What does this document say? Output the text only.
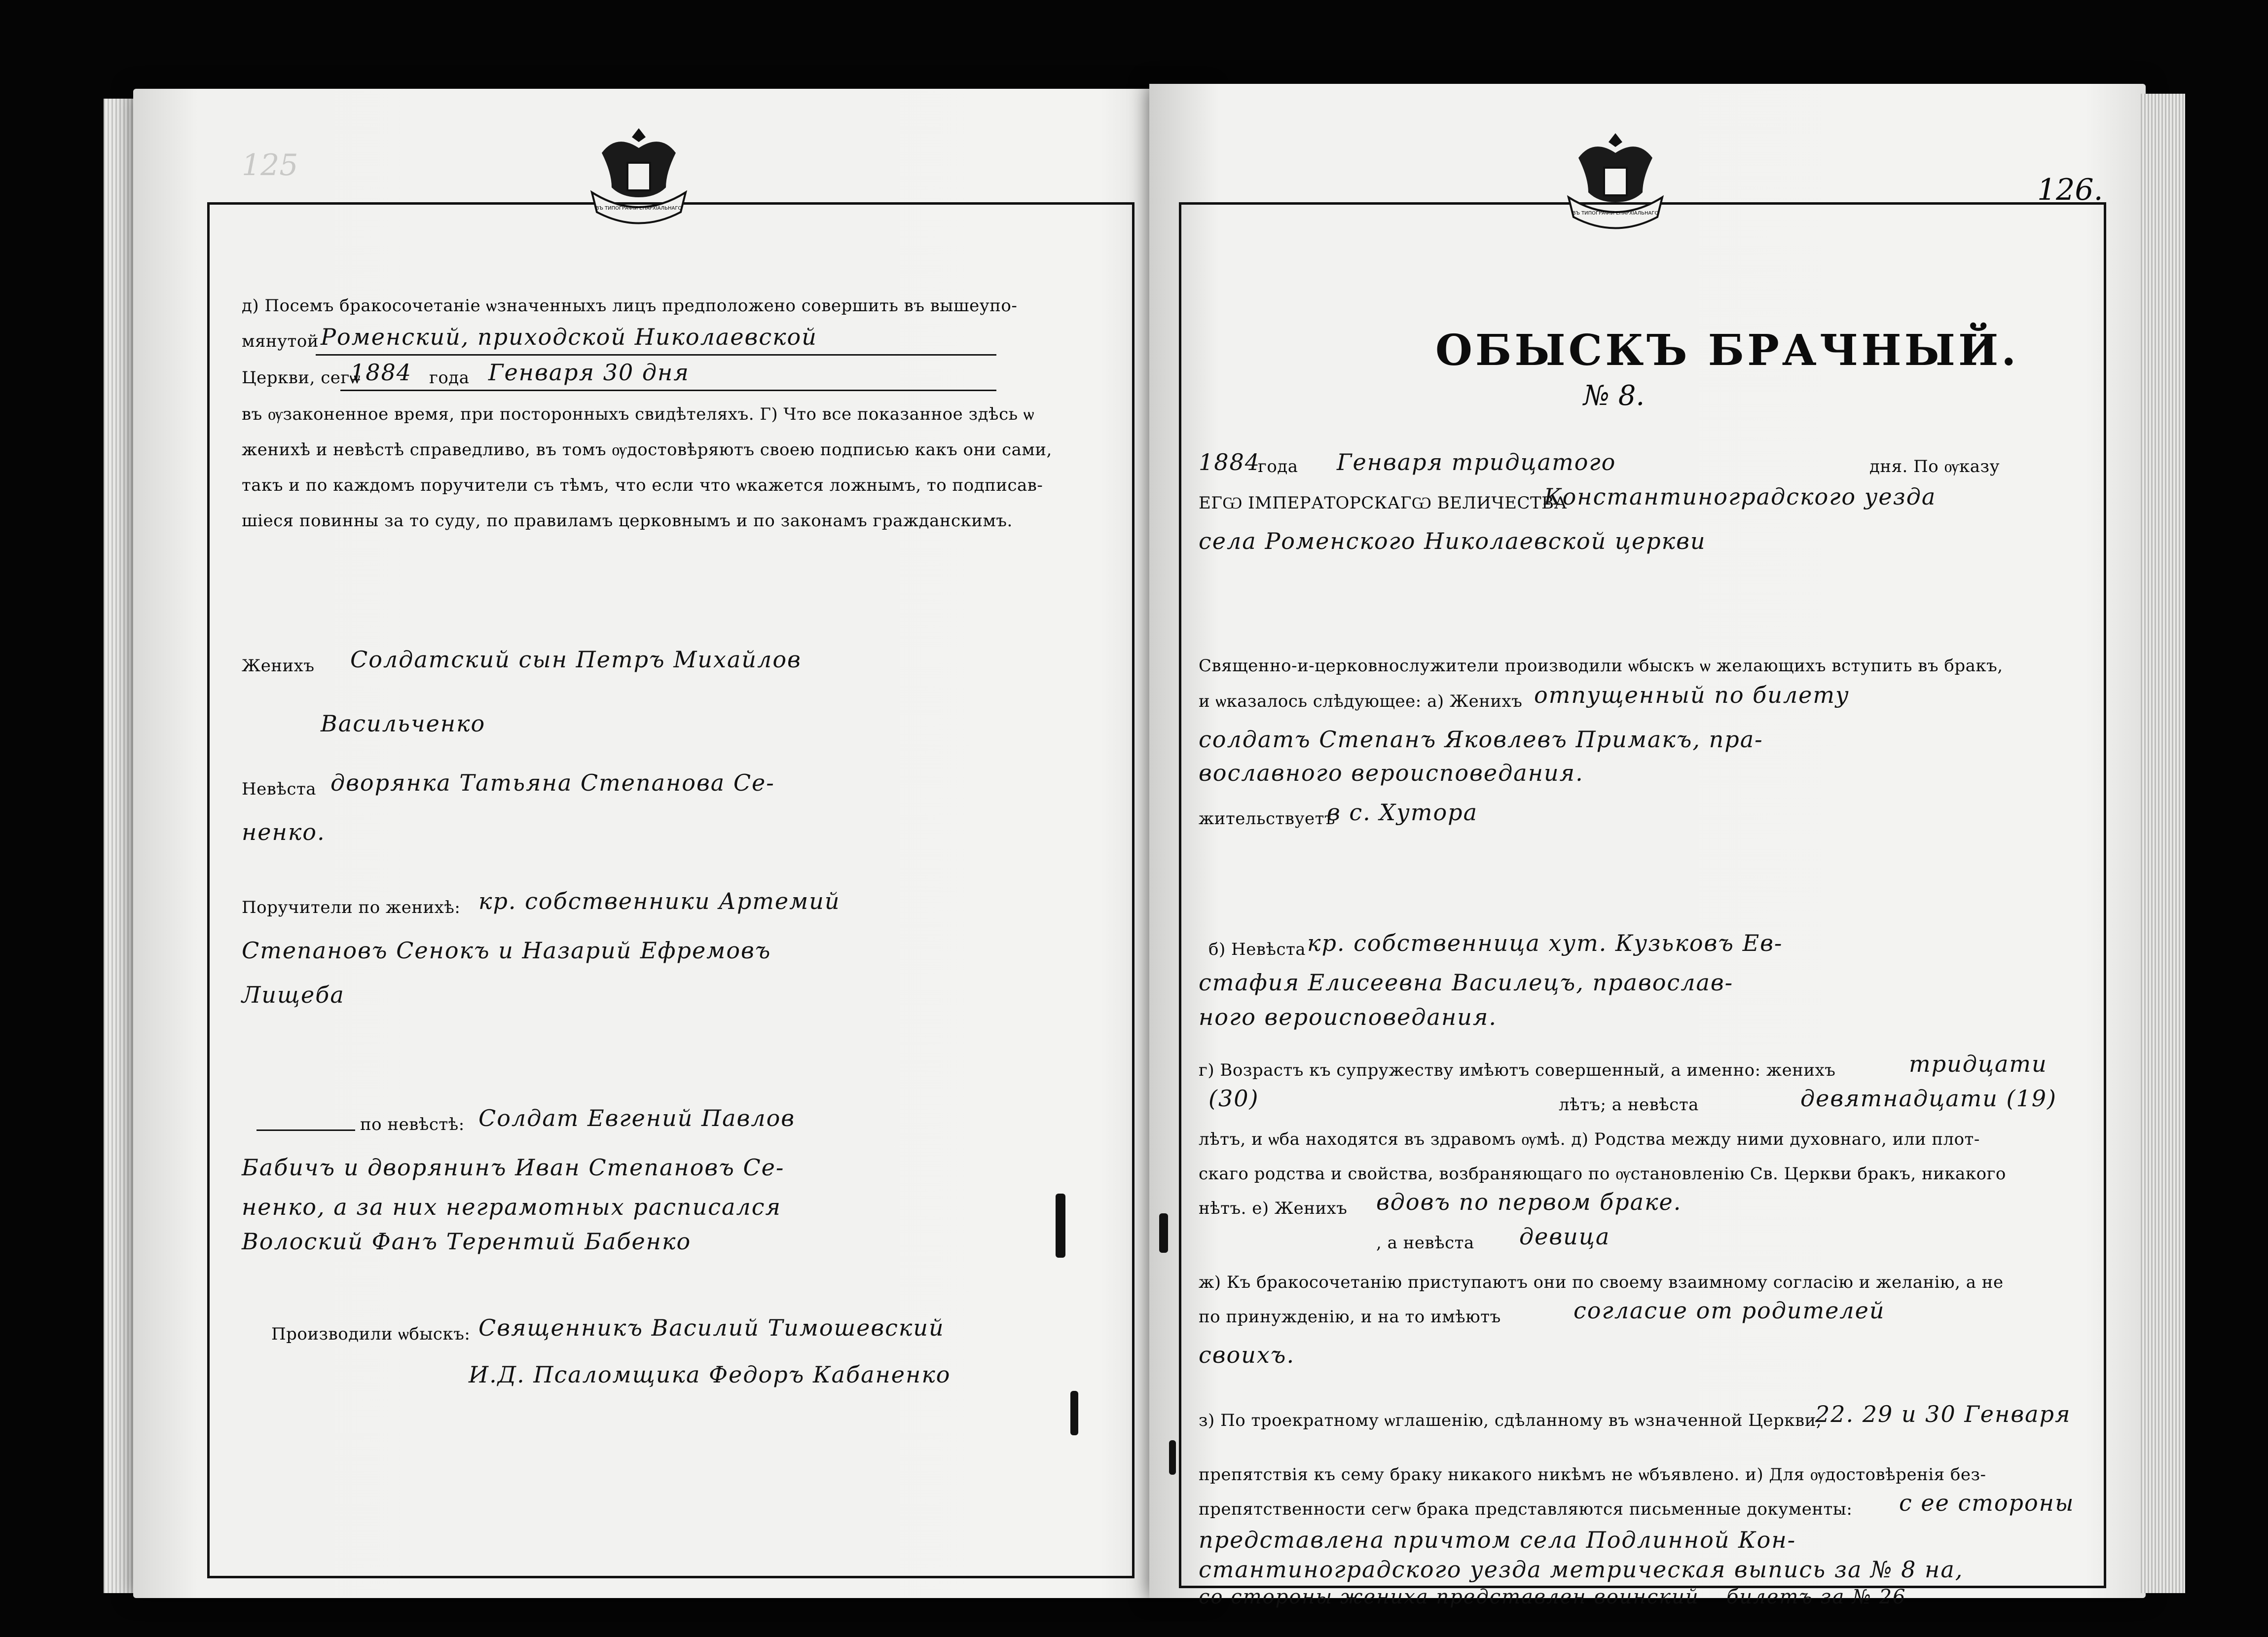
125
ВЪ ТИПОГРАФІИ ЕПАРХІАЛЬНАГО
д) Посемъ бракосочетаніе ѡзначенныхъ лицъ предположено совершить въ вышеупо-
мянутой Роменский, приходской Николаевской
Церкви, сегѡ
1884 года Генваря 30 дня
въ ѹзаконенное время, при посторонныхъ свидѣтеляхъ. Г) Что все показанное здѣсь ѡ
женихѣ и невѣстѣ справедливо, въ томъ ѹдостовѣряютъ своею подписью какъ они сами,
такъ и по каждомъ поручители съ тѣмъ, что если что ѡкажется ложнымъ, то подписав-
шіеся повинны за то суду, по правиламъ церковнымъ и по законамъ гражданскимъ.
Женихъ Солдатский сын Петръ Михайлов
Васильченко
Невѣста дворянка Татьяна Степанова Се-
ненко.
Поручители по женихѣ: кр. собственники Артемий
Степановъ Сенокъ и Назарий Ефремовъ
Лищеба
по невѣстѣ: Солдат Евгений Павлов
Бабичъ и дворянинъ Иван Степановъ Се-
ненко, а за них неграмотных расписался
Волоский Фанъ Терентий Бабенко
Производили ѡбыскъ: Священникъ Василий Тимошевский
И.Д. Псаломщика Федоръ Кабаненко
126.
ВЪ ТИПОГРАФІИ ЕПАРХІАЛЬНАГО
ОБЫСКЪ БРАЧНЫЙ.
№ 8.
1884
года Генваря тридцатого	дня. По ѹказу
ЕГѠ ІМПЕРАТОРСКАГѠ ВЕЛИЧЕСТВА
Константиноградского уезда
села Роменского Николаевской церкви
Священно-и-церковнослужители производили ѡбыскъ ѡ желающихъ вступить въ бракъ,
и ѡказалось слѣдующее: а) Женихъ отпущенный по билету
солдатъ Степанъ Яковлевъ Примакъ, пра-
вославного вероисповедания.
жительствуетъ
в с. Хутора
б) Невѣста кр. собственница хут. Кузьковъ Ев-
стафия Елисеевна Василецъ, православ-
ного вероисповедания.
г) Возрастъ къ супружеству имѣютъ совершенный, а именно: женихъ	тридцати
(30)	лѣтъ; а невѣста	девятнадцати (19)
лѣтъ, и ѡба находятся въ здравомъ ѹмѣ. д) Родства между ними духовнаго, или плот-
скаго родства и свойства, возбраняющаго по ѹстановленію Св. Церкви бракъ, никакого
нѣтъ. е) Женихъ вдовъ по первом браке.
, а невѣста девица
ж) Къ бракосочетанію приступаютъ они по своему взаимному согласію и желанію, а не
по принужденію, и на то имѣютъ	согласие от родителей
своихъ.
з) По троекратному ѡглашенію, сдѣланному въ ѡзначенной Церкви,
22. 29 и 30 Генваря
препятствія къ сему браку никакого никѣмъ не ѡбъявлено. и) Для ѹдостовѣренія без-
препятственности сегѡ брака представляются письменные документы: с ее стороны
представлена причтом села Подлинной Кон-
стантиноградского уезда метрическая выпись за № 8 на,
со стороны жениха представлен воинский билетъ за № 26
